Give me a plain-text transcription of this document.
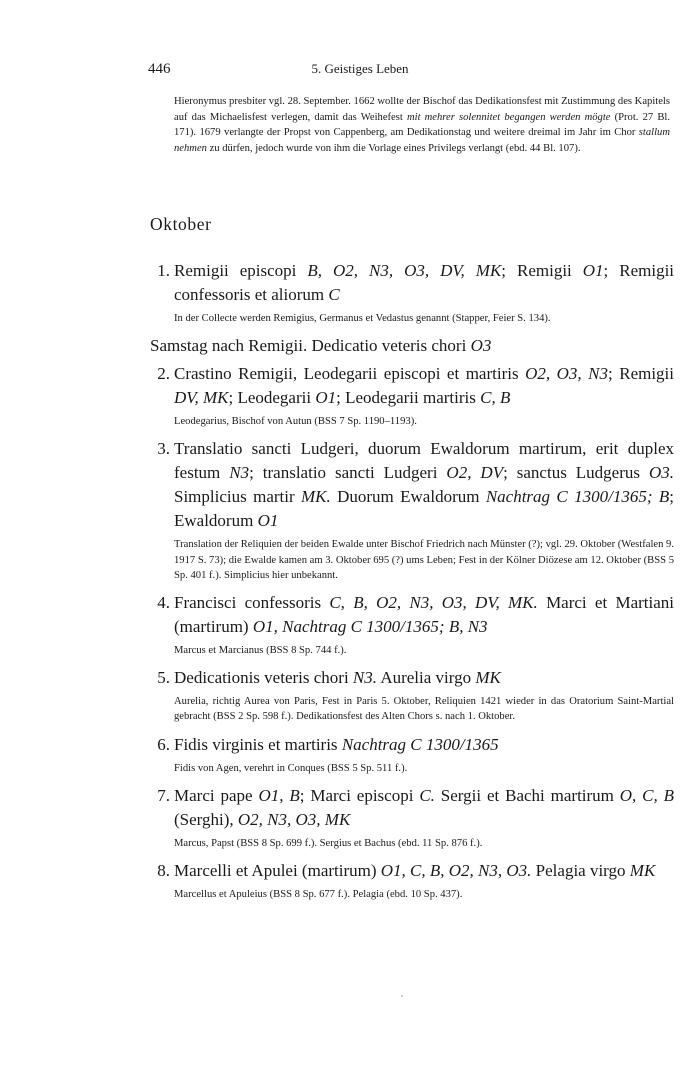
446	5. Geistiges Leben

Hieronymus presbiter vgl. 28. September. 1662 wollte der Bischof das Dedikationsfest mit Zustimmung des Kapitels auf das Michaelisfest verlegen, damit das Weihefest mit mehrer solennitet begangen werden mögte (Prot. 27 Bl. 171). 1679 verlangte der Propst von Cappenberg, am Dedikationstag und weitere dreimal im Jahr im Chor stallum nehmen zu dürfen, jedoch wurde von ihm die Vorlage eines Privilegs verlangt (ebd. 44 Bl. 107).

Oktober
1. Remigii episcopi B, O2, N3, O3, DV, MK; Remigii O1; Remigii confessoris et aliorum C
In der Collecte werden Remigius, Germanus et Vedastus genannt (Stapper, Feier S. 134).
Samstag nach Remigii. Dedicatio veteris chori O3
2. Crastino Remigii, Leodegarii episcopi et martiris O2, O3, N3; Remigii DV, MK; Leodegarii O1; Leodegarii martiris C, B
Leodegarius, Bischof von Autun (BSS 7 Sp. 1190–1193).
3. Translatio sancti Ludgeri, duorum Ewaldorum martirum, erit duplex festum N3; translatio sancti Ludgeri O2, DV; sanctus Ludgerus O3. Simplicius martir MK. Duorum Ewaldorum Nachtrag C 1300/1365; B; Ewaldorum O1
Translation der Reliquien der beiden Ewalde unter Bischof Friedrich nach Münster (?); vgl. 29. Oktober (Westfalen 9. 1917 S. 73); die Ewalde kamen am 3. Oktober 695 (?) ums Leben; Fest in der Kölner Diözese am 12. Oktober (BSS 5 Sp. 401 f.). Simplicius hier unbekannt.
4. Francisci confessoris C, B, O2, N3, O3, DV, MK. Marci et Martiani (martirum) O1, Nachtrag C 1300/1365; B, N3
Marcus et Marcianus (BSS 8 Sp. 744 f.).
5. Dedicationis veteris chori N3. Aurelia virgo MK
Aurelia, richtig Aurea von Paris, Fest in Paris 5. Oktober, Reliquien 1421 wieder in das Oratorium Saint-Martial gebracht (BSS 2 Sp. 598 f.). Dedikationsfest des Alten Chors s. nach 1. Oktober.
6. Fidis virginis et martiris Nachtrag C 1300/1365
Fidis von Agen, verehrt in Conques (BSS 5 Sp. 511 f.).
7. Marci pape O1, B; Marci episcopi C. Sergii et Bachi martirum O, C, B (Serghi), O2, N3, O3, MK
Marcus, Papst (BSS 8 Sp. 699 f.). Sergius et Bachus (ebd. 11 Sp. 876 f.).
8. Marcelli et Apulei (martirum) O1, C, B, O2, N3, O3. Pelagia virgo MK
Marcellus et Apuleius (BSS 8 Sp. 677 f.). Pelagia (ebd. 10 Sp. 437).
